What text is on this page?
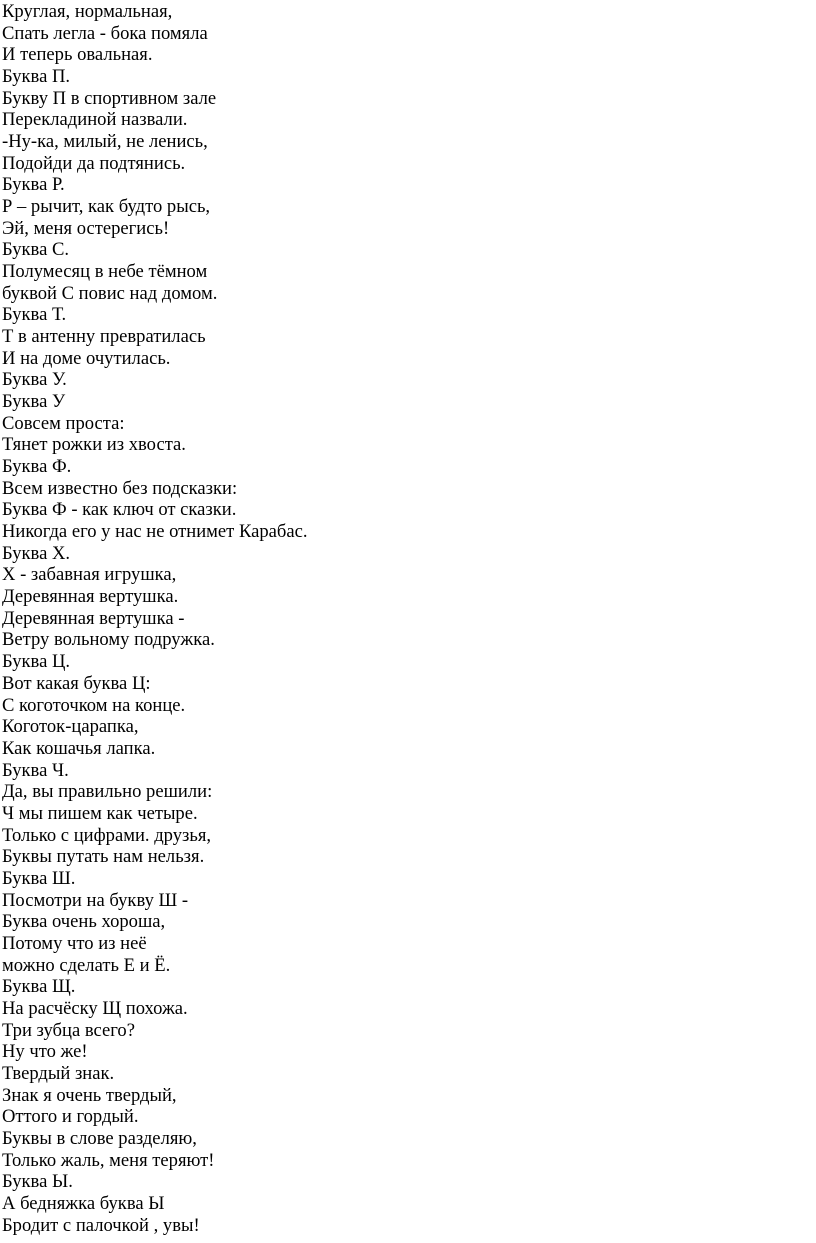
Круглая, нормальная,
Спать легла - бока помяла
И теперь овальная.
Буква П.
Букву П в спортивном зале
Перекладиной назвали.
-Ну-ка, милый, не ленись,
Подойди да подтянись.
Буква Р.
Р – рычит, как будто рысь,
Эй, меня остерегись!
Буква С.
Полумесяц в небе тёмном
буквой С повис над домом.
Буква Т.
Т в антенну превратилась
И на доме очутилась.
Буква У.
Буква У
Совсем проста:
Тянет рожки из хвоста.
Буква Ф.
Всем известно без подсказки:
Буква Ф - как ключ от сказки.
Никогда его у нас не отнимет Карабас.
Буква Х.
Х - забавная игрушка,
Деревянная вертушка.
Деревянная вертушка -
Ветру вольному подружка.
Буква Ц.
Вот какая буква Ц:
С коготочком на конце.
Коготок-царапка,
Как кошачья лапка.
Буква Ч.
Да, вы правильно решили:
Ч мы пишем как четыре.
Только с цифрами. друзья,
Буквы путать нам нельзя.
Буква Ш.
Посмотри на букву Ш -
Буква очень хороша,
Потому что из неё
можно сделать Е и Ё.
Буква Щ.
На расчёску Щ похожа.
Три зубца всего?
Ну что же!
Твердый знак.
Знак я очень твердый,
Оттого и гордый.
Буквы в слове разделяю,
Только жаль, меня теряют!
Буква Ы.
А бедняжка буква Ы
Бродит с палочкой , увы!
